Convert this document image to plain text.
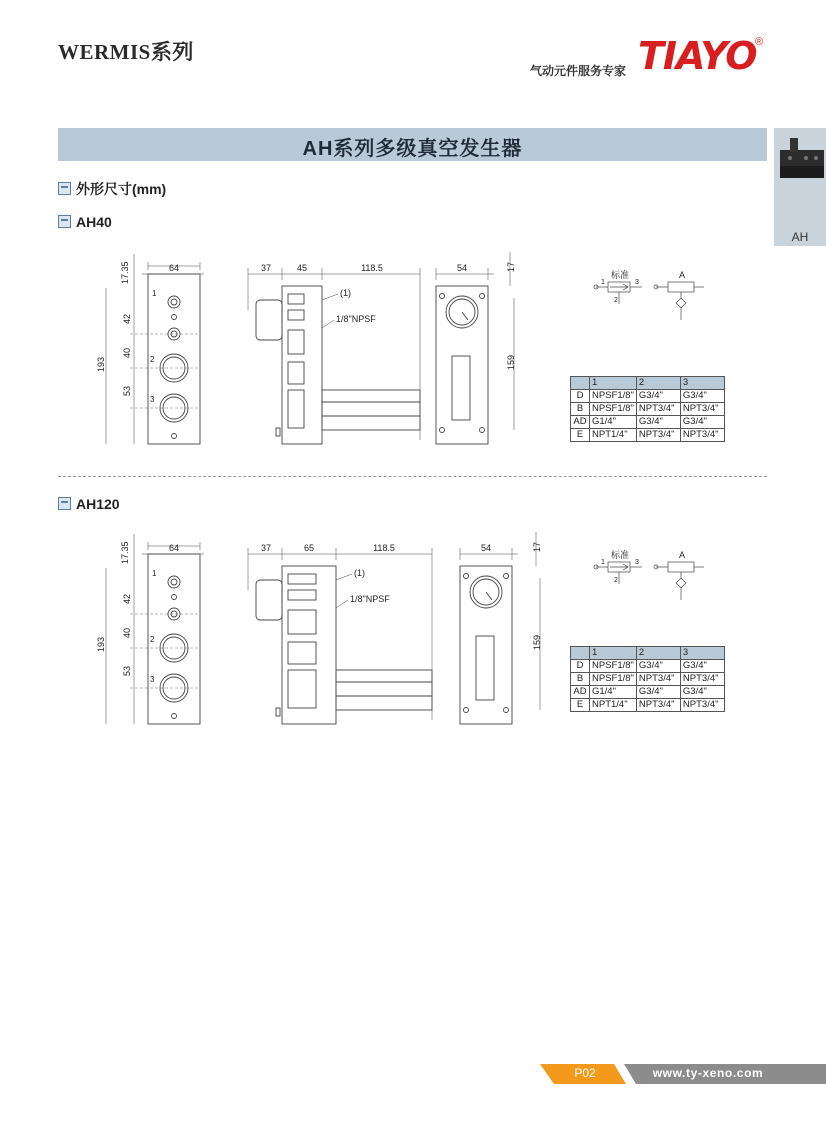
WERMIS系列
气动元件服务专家 TIAYO
®
AH系列多级真空发生器
AH
外形尺寸(mm)
AH40
AH120
64
17.35
193
42
40
53
1
2
3
37	45	118.5
(1)
1/8"NPSF
54	17
159
标准	A
1	3
2
	1	2	3
D	NPSF1/8"	G3/4"	G3/4"
B	NPSF1/8"	NPT3/4"	NPT3/4"
AD	G1/4"	G3/4"	G3/4"
E	NPT1/4"	NPT3/4"	NPT3/4"
64
17.35
193
42
40
53
1
2
3
37	65	118.5
(1)
1/8"NPSF
54	17
159
标准	A
1	3
2
	1	2	3
D	NPSF1/8"	G3/4"	G3/4"
B	NPSF1/8"	NPT3/4"	NPT3/4"
AD	G1/4"	G3/4"	G3/4"
E	NPT1/4"	NPT3/4"	NPT3/4"
P02	www.ty-xeno.com
